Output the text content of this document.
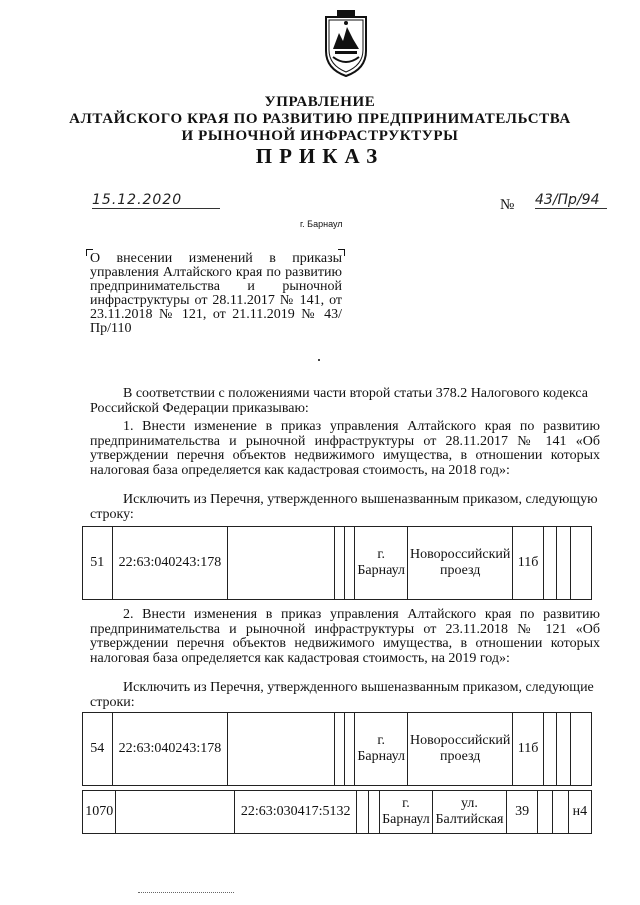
УПРАВЛЕНИЕ
АЛТАЙСКОГО КРАЯ ПО РАЗВИТИЮ ПРЕДПРИНИМАТЕЛЬСТВА
И РЫНОЧНОЙ ИНФРАСТРУКТУРЫ
ПРИКАЗ
15.12.2020	№ 43/Пр/94
г. Барнаул
О внесении изменений в приказы управления Алтайского края по развитию предпринимательства и рыночной инфраструктуры от 28.11.2017 № 141, от 23.11.2018 № 121, от 21.11.2019 № 43/Пр/110
В соответствии с положениями части второй статьи 378.2 Налогового кодекса Российской Федерации приказываю:
1. Внести изменение в приказ управления Алтайского края по развитию предпринимательства и рыночной инфраструктуры от 28.11.2017 № 141 «Об утверждении перечня объектов недвижимого имущества, в отношении которых налоговая база определяется как кадастровая стоимость, на 2018 год»:
Исключить из Перечня, утвержденного вышеназванным приказом, следующую строку:
51	22:63:040243:178				г. Барнаул	Новороссийский проезд	11б			
2. Внести изменения в приказ управления Алтайского края по развитию предпринимательства и рыночной инфраструктуры от 23.11.2018 № 121 «Об утверждении перечня объектов недвижимого имущества, в отношении которых налоговая база определяется как кадастровая стоимость, на 2019 год»:
Исключить из Перечня, утвержденного вышеназванным приказом, следующие строки:
54	22:63:040243:178				г. Барнаул	Новороссийский проезд	11б			
1070		22:63:030417:5132			г. Барнаул	ул. Балтийская	39			н4
